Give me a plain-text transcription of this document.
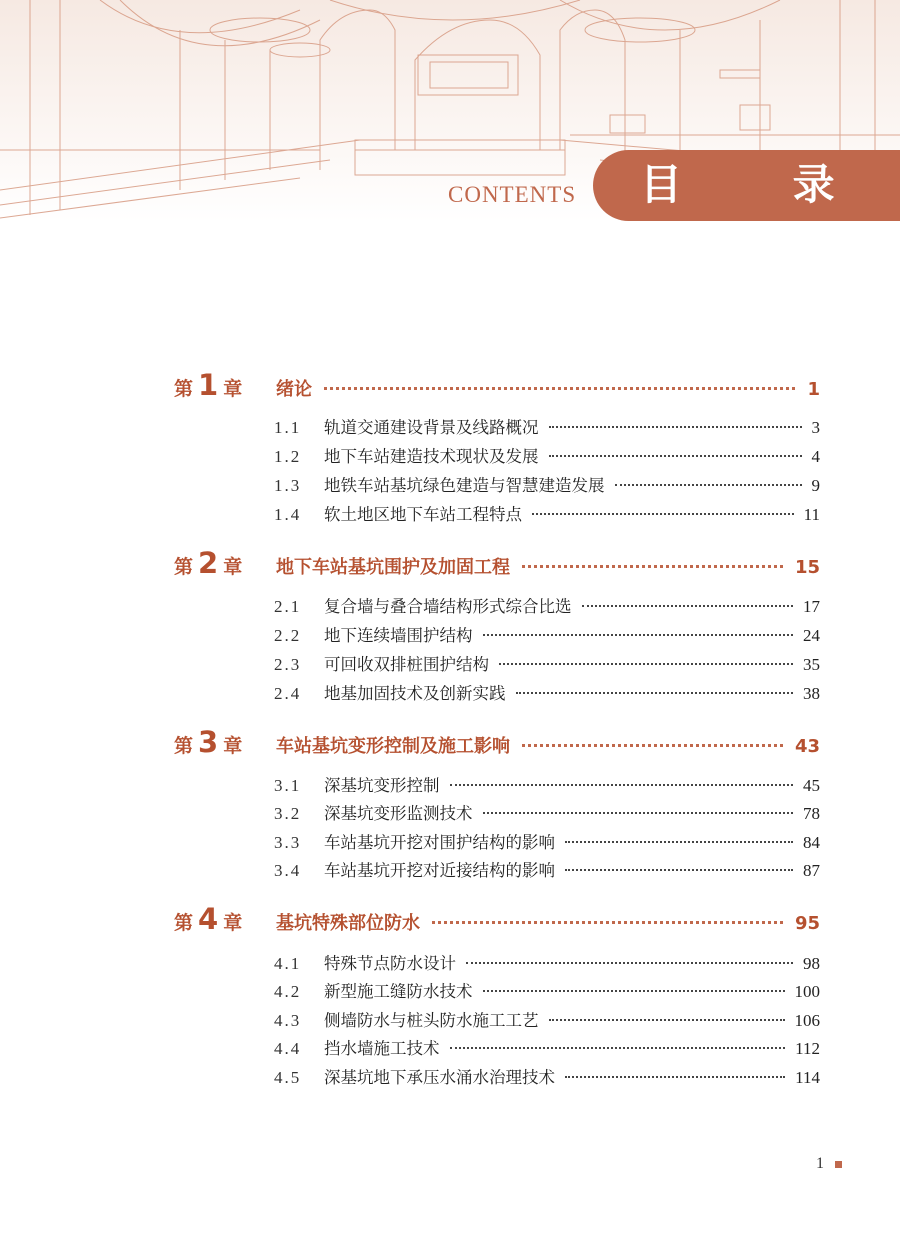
CONTENTS 目 录
第 1 章	绪论	1
1.1	轨道交通建设背景及线路概况	3
1.2	地下车站建造技术现状及发展	4
1.3	地铁车站基坑绿色建造与智慧建造发展	9
1.4	软土地区地下车站工程特点	11
第 2 章	地下车站基坑围护及加固工程	15
2.1	复合墙与叠合墙结构形式综合比选	17
2.2	地下连续墙围护结构	24
2.3	可回收双排桩围护结构	35
2.4	地基加固技术及创新实践	38
第 3 章	车站基坑变形控制及施工影响	43
3.1	深基坑变形控制	45
3.2	深基坑变形监测技术	78
3.3	车站基坑开挖对围护结构的影响	84
3.4	车站基坑开挖对近接结构的影响	87
第 4 章	基坑特殊部位防水	95
4.1	特殊节点防水设计	98
4.2	新型施工缝防水技术	100
4.3	侧墙防水与桩头防水施工工艺	106
4.4	挡水墙施工技术	112
4.5	深基坑地下承压水涌水治理技术	114
1
